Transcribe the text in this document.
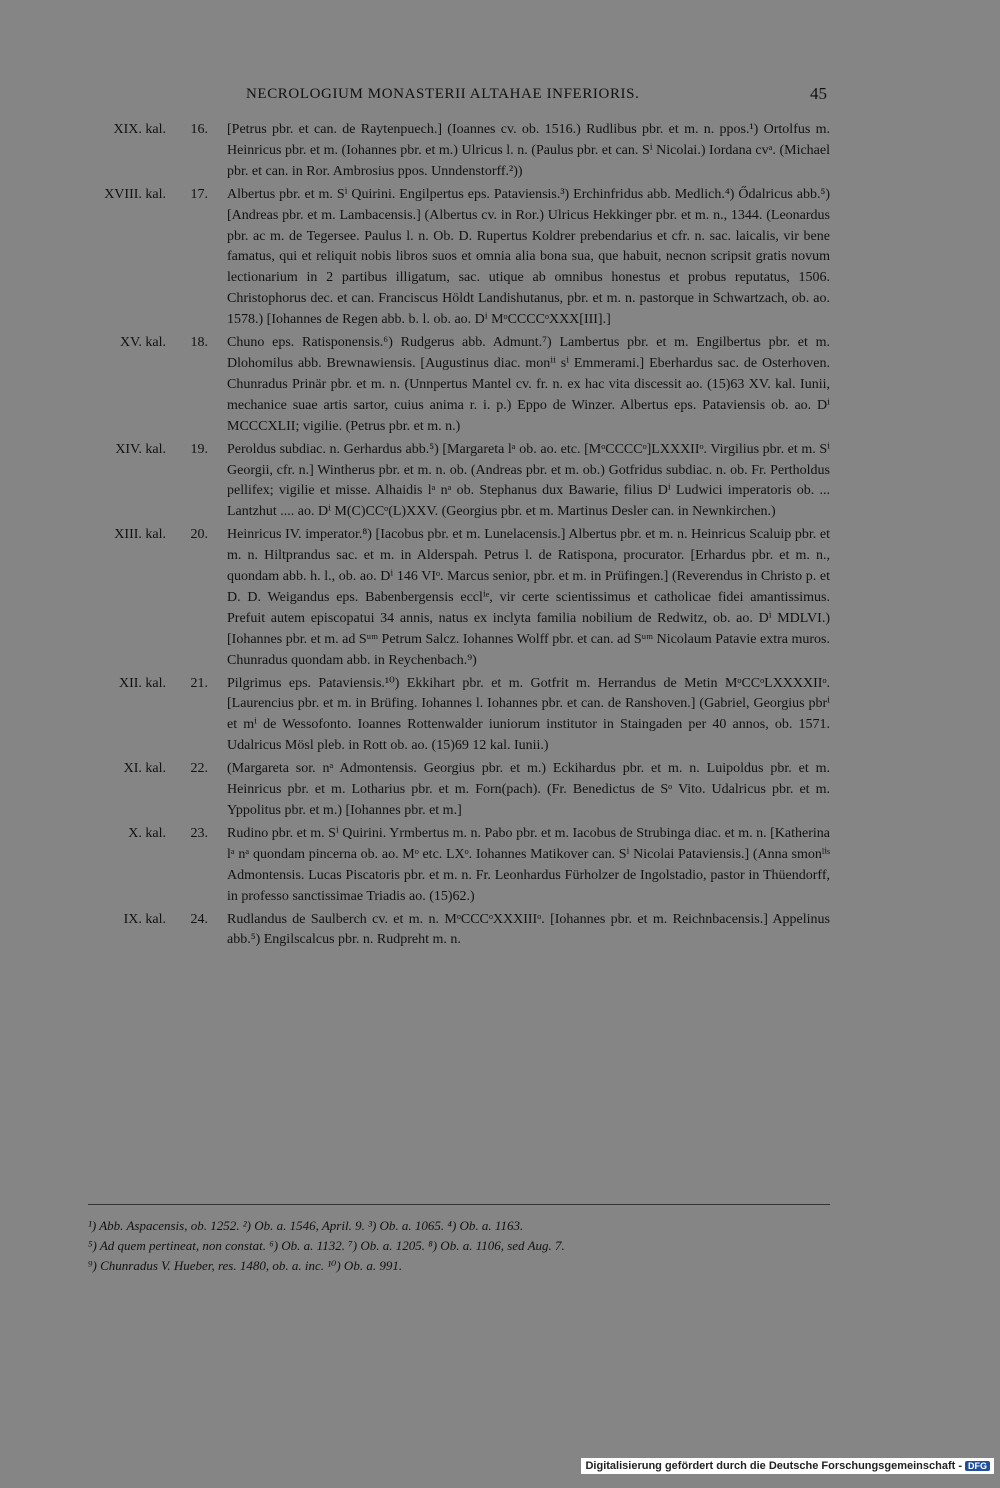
NECROLOGIUM MONASTERII ALTAHAE INFERIORIS.	45
XIX. kal.	16. [Petrus pbr. et can. de Raytenpuech.] (Ioannes cv. ob. 1516.) Rudlibus pbr. et m. n. ppos.¹) Ortolfus m. Heinricus pbr. et m. (Iohannes pbr. et m.) Ulricus l. n. (Paulus pbr. et can. Sⁱ Nicolai.) Iordana cvᵃ. (Michael pbr. et can. in Ror. Ambrosius ppos. Unndenstorff.²))
XVIII. kal.	17. Albertus pbr. et m. Sⁱ Quirini. Engilpertus eps. Pataviensis.³) Erchinfridus abb. Medlich.⁴) Ődalricus abb.⁵) [Andreas pbr. et m. Lambacensis.] (Albertus cv. in Ror.) Ulricus Hekkinger pbr. et m. n., 1344. (Leonardus pbr. ac m. de Tegersee. Paulus l. n. Ob. D. Rupertus Koldrer prebendarius et cfr. n. sac. laicalis, vir bene famatus, qui et reliquit nobis libros suos et omnia alia bona sua, que habuit, necnon scripsit gratis novum lectionarium in 2 partibus illigatum, sac. utique ab omnibus honestus et probus reputatus, 1506. Christophorus dec. et can. Franciscus Höldt Landishutanus, pbr. et m. n. pastorque in Schwartzach, ob. ao. 1578.) [Iohannes de Regen abb. b. l. ob. ao. Dⁱ MᵒCCCCᵒXXX[III].]
XV. kal.	18. Chuno eps. Ratisponensis.⁶) Rudgerus abb. Admunt.⁷) Lambertus pbr. et m. Engilbertus pbr. et m. Dlohomilus abb. Brewnawiensis. [Augustinus diac. monⁱⁱ sⁱ Emmerami.] Eberhardus sac. de Osterhoven. Chunradus Prinär pbr. et m. n. (Unnpertus Mantel cv. fr. n. ex hac vita discessit ao. (15)63 XV. kal. Iunii, mechanice suae artis sartor, cuius anima r. i. p.) Eppo de Winzer. Albertus eps. Pataviensis ob. ao. Dⁱ MCCCXLII; vigilie. (Petrus pbr. et m. n.)
XIV. kal.	19. Peroldus subdiac. n. Gerhardus abb.⁵) [Margareta lᵃ ob. ao. etc. [MᵒCCCCᵒ]LXXXIIᵒ. Virgilius pbr. et m. Sⁱ Georgii, cfr. n.] Wintherus pbr. et m. n. ob. (Andreas pbr. et m. ob.) Gotfridus subdiac. n. ob. Fr. Pertholdus pellifex; vigilie et misse. Alhaidis lᵃ nᵃ ob. Stephanus dux Bawarie, filius Dⁱ Ludwici imperatoris ob. ... Lantzhut .... ao. Dⁱ M(C)CCᵒ(L)XXV. (Georgius pbr. et m. Martinus Desler can. in Newnkirchen.)
XIII. kal.	20. Heinricus IV. imperator.⁸) [Iacobus pbr. et m. Lunelacensis.] Albertus pbr. et m. n. Heinricus Scaluip pbr. et m. n. Hiltprandus sac. et m. in Alderspah. Petrus l. de Ratispona, procurator. [Erhardus pbr. et m. n., quondam abb. h. l., ob. ao. Dⁱ 146 VIᵒ. Marcus senior, pbr. et m. in Prüfingen.] (Reverendus in Christo p. et D. D. Weigandus eps. Babenbergensis ecclⁱᵉ, vir certe scientissimus et catholicae fidei amantissimus. Prefuit autem episcopatui 34 annis, natus ex inclyta familia nobilium de Redwitz, ob. ao. Dⁱ MDLVI.) [Iohannes pbr. et m. ad Sᵘᵐ Petrum Salcz. Iohannes Wolff pbr. et can. ad Sᵘᵐ Nicolaum Patavie extra muros. Chunradus quondam abb. in Reychenbach.⁹)
XII. kal.	21. Pilgrimus eps. Pataviensis.¹⁰) Ekkihart pbr. et m. Gotfrit m. Herrandus de Metin MᵒCCᵒLXXXXIIᵒ. [Laurencius pbr. et m. in Brüfing. Iohannes l. Iohannes pbr. et can. de Ranshoven.] (Gabriel, Georgius pbrⁱ et mⁱ de Wessofonto. Ioannes Rottenwalder iuniorum institutor in Staingaden per 40 annos, ob. 1571. Udalricus Mösl pleb. in Rott ob. ao. (15)69 12 kal. Iunii.)
XI. kal.	22. (Margareta sor. nᵃ Admontensis. Georgius pbr. et m.) Eckihardus pbr. et m. n. Luipoldus pbr. et m. Heinricus pbr. et m. Lotharius pbr. et m. Forn(pach). (Fr. Benedictus de Sᵒ Vito. Udalricus pbr. et m. Yppolitus pbr. et m.) [Iohannes pbr. et m.]
X. kal.	23. Rudino pbr. et m. Sⁱ Quirini. Yrmbertus m. n. Pabo pbr. et m. Iacobus de Strubinga diac. et m. n. [Katherina lᵃ nᵃ quondam pincerna ob. ao. Mᵒ etc. LXᵒ. Iohannes Matikover can. Sⁱ Nicolai Pataviensis.] (Anna smonˡⁱˢ Admontensis. Lucas Piscatoris pbr. et m. n. Fr. Leonhardus Fürholzer de Ingolstadio, pastor in Thüendorff, in professo sanctissimae Triadis ao. (15)62.)
IX. kal.	24. Rudlandus de Saulberch cv. et m. n. MᵒCCCᵒXXXIIIᵒ. [Iohannes pbr. et m. Reichnbacensis.] Appelinus abb.⁵) Engilscalcus pbr. n. Rudpreht m. n.
¹) Abb. Aspacensis, ob. 1252. ²) Ob. a. 1546, April. 9. ³) Ob. a. 1065. ⁴) Ob. a. 1163.
⁵) Ad quem pertineat, non constat. ⁶) Ob. a. 1132. ⁷) Ob. a. 1205. ⁸) Ob. a. 1106, sed Aug. 7.
⁹) Chunradus V. Hueber, res. 1480, ob. a. inc. ¹⁰) Ob. a. 991.
Digitalisierung gefördert durch die Deutsche Forschungsgemeinschaft - DFG
